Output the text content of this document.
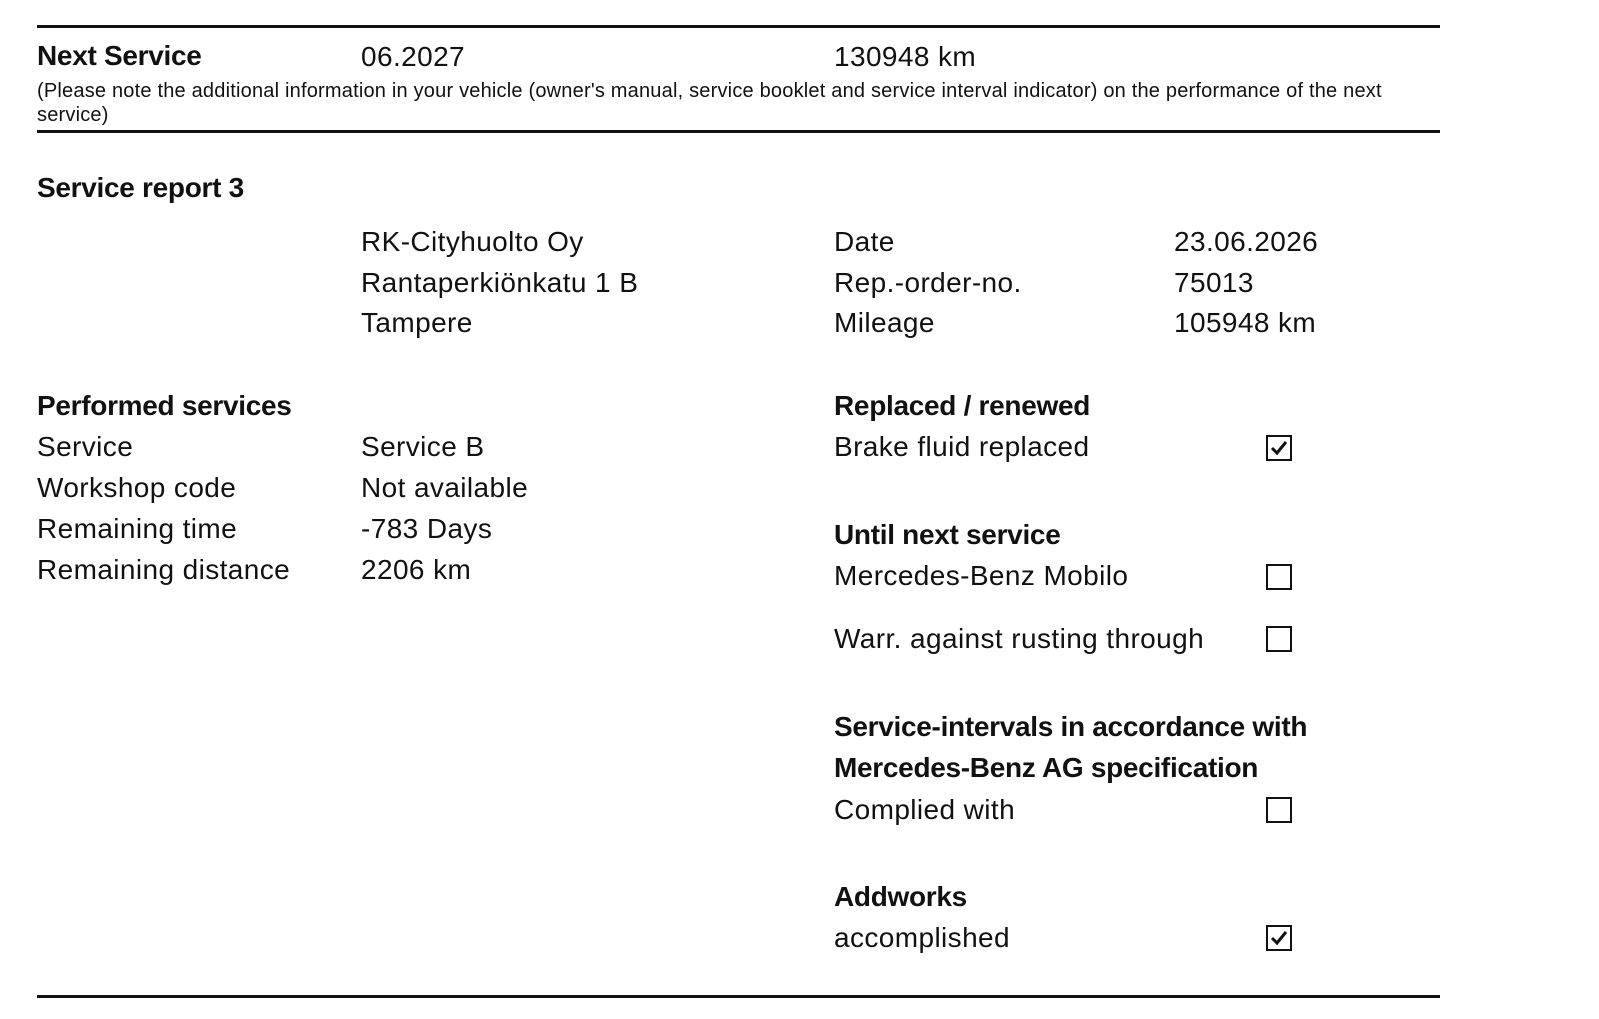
Next Service	06.2027	130948 km
(Please note the additional information in your vehicle (owner's manual, service booklet and service interval indicator) on the performance of the next service)
Service report 3
RK-Cityhuolto Oy
Rantaperkiönkatu 1 B
Tampere
Date	23.06.2026
Rep.-order-no.	75013
Mileage	105948 km
Performed services
Service	Service B
Workshop code	Not available
Remaining time	-783 Days
Remaining distance	2206 km
Replaced / renewed
Brake fluid replaced
Until next service
Mercedes-Benz Mobilo
Warr. against rusting through
Service-intervals in accordance with
Mercedes-Benz AG specification
Complied with
Addworks
accomplished
